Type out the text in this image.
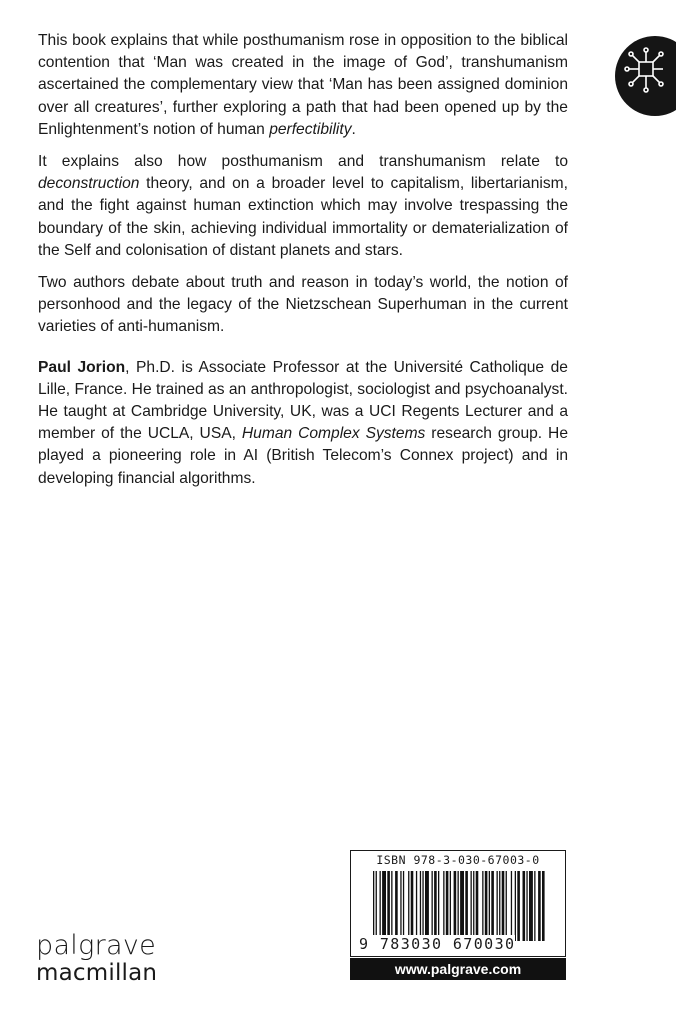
This book explains that while posthumanism rose in opposition to the biblical contention that ‘Man was created in the image of God’, transhumanism ascertained the complementary view that ‘Man has been assigned dominion over all creatures’, further exploring a path that had been opened up by the Enlightenment’s notion of human perfectibility.

It explains also how posthumanism and transhumanism relate to deconstruction theory, and on a broader level to capitalism, libertarianism, and the fight against human extinction which may involve trespassing the boundary of the skin, achieving individual immortality or dematerialization of the Self and colonisation of distant planets and stars.

Two authors debate about truth and reason in today’s world, the notion of personhood and the legacy of the Nietzschean Superhuman in the current varieties of anti-humanism.

Paul Jorion, Ph.D. is Associate Professor at the Université Catholique de Lille, France. He trained as an anthropologist, sociologist and psychoanalyst. He taught at Cambridge University, UK, was a UCI Regents Lecturer and a member of the UCLA, USA, Human Complex Systems research group. He played a pioneering role in AI (British Telecom’s Connex project) and in developing financial algorithms.

palgrave
macmillan
ISBN 978-3-030-67003-0
9 783030 670030
www.palgrave.com
